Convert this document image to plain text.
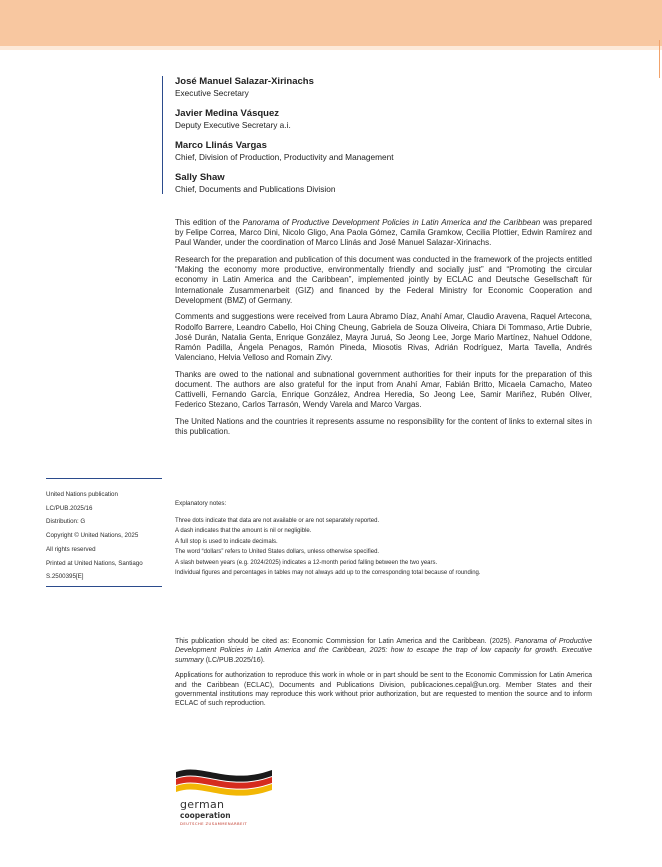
José Manuel Salazar-Xirinachs
Executive Secretary
Javier Medina Vásquez
Deputy Executive Secretary a.i.
Marco Llinás Vargas
Chief, Division of Production, Productivity and Management
Sally Shaw
Chief, Documents and Publications Division

This edition of the Panorama of Productive Development Policies in Latin America and the Caribbean was prepared by Felipe Correa, Marco Dini, Nicolo Gligo, Ana Paola Gómez, Camila Gramkow, Cecilia Plottier, Edwin Ramírez and Paul Wander, under the coordination of Marco Llinás and José Manuel Salazar-Xirinachs.

Research for the preparation and publication of this document was conducted in the framework of the projects entitled “Making the economy more productive, environmentally friendly and socially just” and “Promoting the circular economy in Latin America and the Caribbean”, implemented jointly by ECLAC and Deutsche Gesellschaft für Internationale Zusammenarbeit (GIZ) and financed by the Federal Ministry for Economic Cooperation and Development (BMZ) of Germany.

Comments and suggestions were received from Laura Abramo Díaz, Anahí Amar, Claudio Aravena, Raquel Artecona, Rodolfo Barrere, Leandro Cabello, Hoi Ching Cheung, Gabriela de Souza Oliveira, Chiara Di Tommaso, Artie Dubrie, José Durán, Natalia Genta, Enrique González, Mayra Juruá, So Jeong Lee, Jorge Mario Martínez, Nahuel Oddone, Ramón Padilla, Ángela Penagos, Ramón Pineda, Miosotis Rivas, Adrián Rodríguez, Marta Tavella, Andrés Valenciano, Helvia Velloso and Romain Zivy.

Thanks are owed to the national and subnational government authorities for their inputs for the preparation of this document. The authors are also grateful for the input from Anahí Amar, Fabián Britto, Micaela Camacho, Mateo Cattivelli, Fernando García, Enrique González, Andrea Heredia, So Jeong Lee, Samir Mariñez, Rubén Oliver, Federico Stezano, Carlos Tarrasón, Wendy Varela and Marco Vargas.

The United Nations and the countries it represents assume no responsibility for the content of links to external sites in this publication.

United Nations publication
LC/PUB.2025/16
Distribution: G
Copyright © United Nations, 2025
All rights reserved
Printed at United Nations, Santiago
S.2500395[E]
Explanatory notes:
Three dots indicate that data are not available or are not separately reported.
A dash indicates that the amount is nil or negligible.
A full stop is used to indicate decimals.
The word “dollars” refers to United States dollars, unless otherwise specified.
A slash between years (e.g. 2024/2025) indicates a 12-month period falling between the two years.
Individual figures and percentages in tables may not always add up to the corresponding total because of rounding.

This publication should be cited as: Economic Commission for Latin America and the Caribbean. (2025). Panorama of Productive Development Policies in Latin America and the Caribbean, 2025: how to escape the trap of low capacity for growth. Executive summary (LC/PUB.2025/16).

Applications for authorization to reproduce this work in whole or in part should be sent to the Economic Commission for Latin America and the Caribbean (ECLAC), Documents and Publications Division, publicaciones.cepal@un.org. Member States and their governmental institutions may reproduce this work without prior authorization, but are requested to mention the source and to inform ECLAC of such reproduction.

german
cooperation
DEUTSCHE ZUSAMMENARBEIT
